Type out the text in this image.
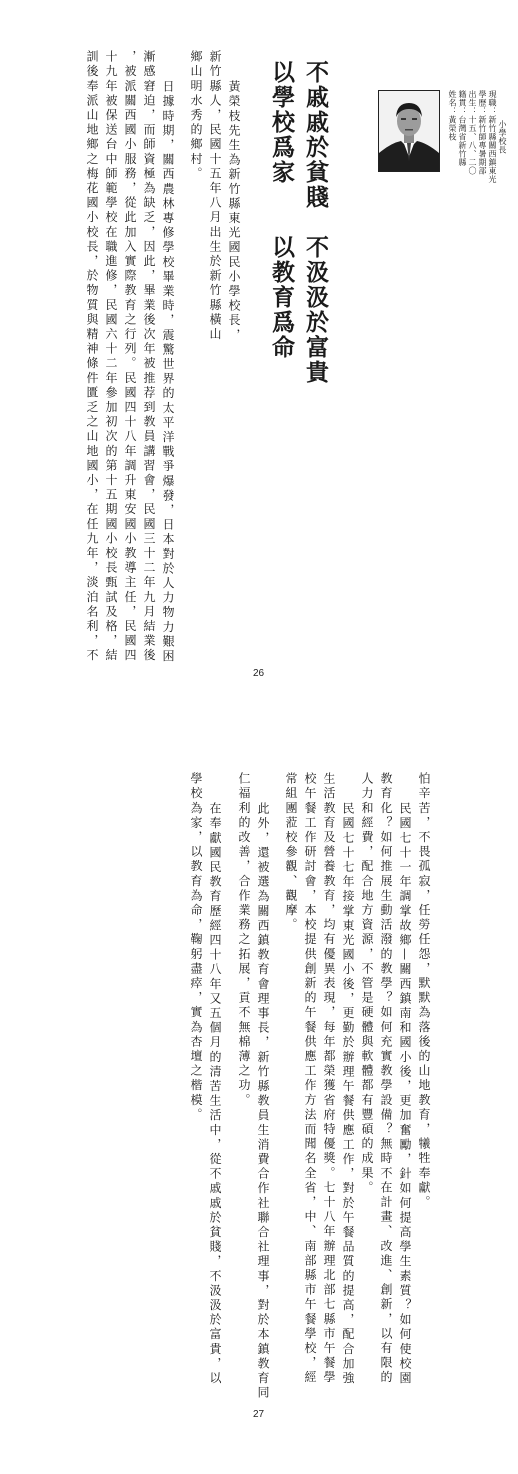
姓名：黃榮枝 籍貫：台灣省新竹縣 出生：十五、八、二〇 學歷：新竹師專暑期部 現職：新竹縣關西鎮東光 小學校長
不戚戚於貧賤　不汲汲於富貴
以學校爲家　　以教育爲命
黃榮枝先生為新竹縣東光國民小學校長，
新竹縣人，民國十五年八月出生於新竹縣橫山
鄉山明水秀的鄉村。
日據時期，關西農林專修學校畢業時，震驚世界的太平洋戰爭爆發，日本對於人力物力艱困
漸感窘迫，而師資極為缺乏，因此，畢業後次年被推荐到教員講習會，民國三十二年九月結業後
，被派關西國小服務，從此加入實際教育之行列。民國四十八年調升東安國小教導主任，民國四
十九年被保送台中師範學校在職進修，民國六十二年參加初次的第十五期國小校長甄試及格，結
訓後奉派山地鄉之梅花國小校長，於物質與精神條件匱乏之山地國小，在任九年，淡泊名利，不
26
怕辛苦，不畏孤寂，任勞任怨，默默為落後的山地教育，犧牲奉獻。
民國七十一年調掌故鄉—關西鎮南和國小後，更加奮勵，針如何提高學生素質？如何使校園
教育化？如何推展生動活潑的教學？如何充實教學設備？無時不在計畫、改進、創新，以有限的
人力和經費，配合地方資源，不管是硬體與軟體都有豐碩的成果。
民國七十七年接掌東光國小後，更勤於辦理午餐供應工作，對於午餐品質的提高，配合加強
生活教育及營養教育，均有優異表現，每年都榮獲省府特優獎。七十八年辦理北部七縣市午餐學
校午餐工作研討會，本校提供創新的午餐供應工作方法而聞名全省，中、南部縣市午餐學校，經
常組團蒞校參觀、觀摩。
此外，還被選為關西鎮教育會理事長，新竹縣教員生消費合作社聯合社理事，對於本鎮教育同
仁福利的改善，合作業務之拓展，貢不無棉薄之功。
在奉獻國民教育歷經四十八年又五個月的清苦生活中，從不戚戚於貧賤，不汲汲於富貴，以
學校為家，以教育為命，鞠躬盡瘁，實為杏壇之楷模。
27
